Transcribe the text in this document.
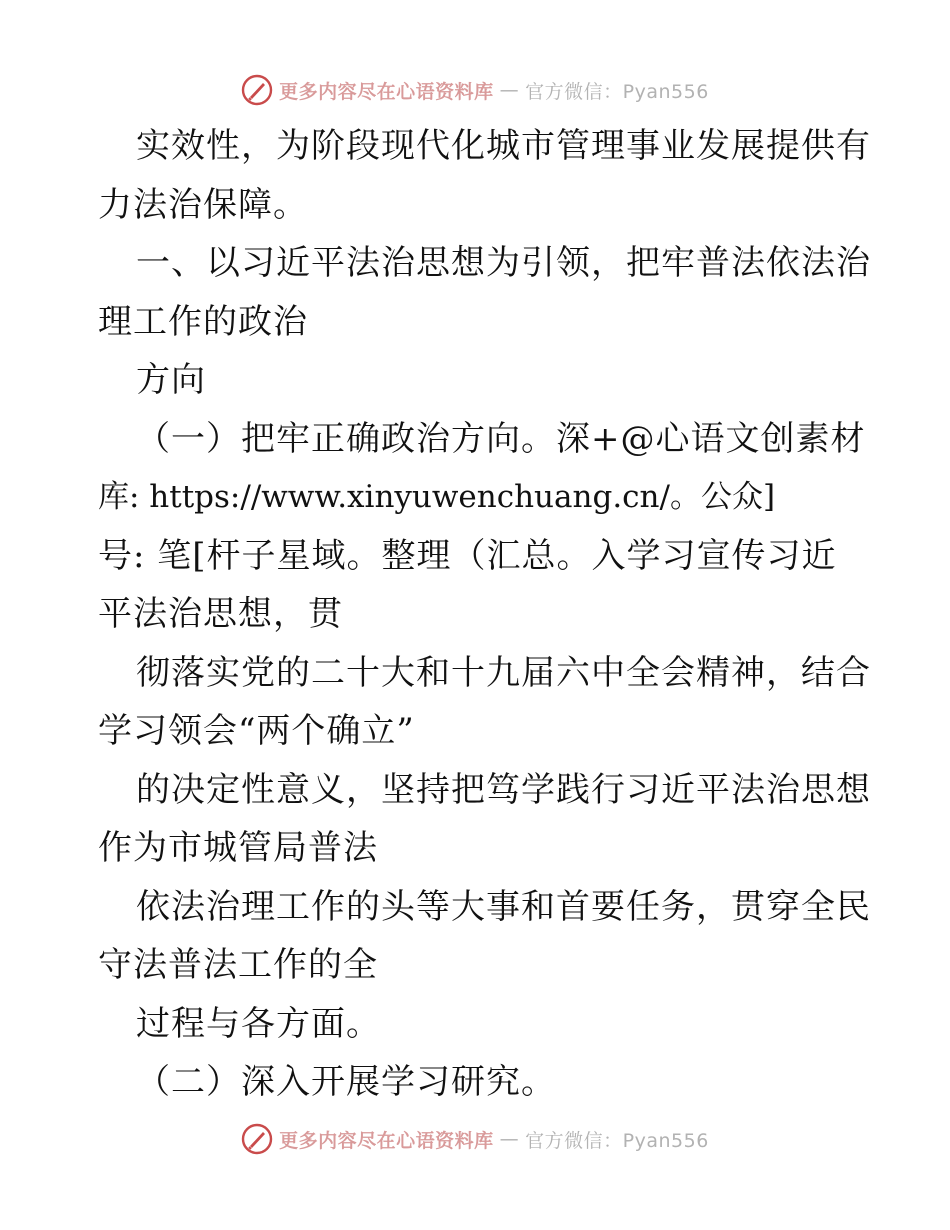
更多内容尽在心语资料库 — 官方微信：Pyan556
实效性，为阶段现代化城市管理事业发展提供有
力法治保障。
一、以习近平法治思想为引领，把牢普法依法治
理工作的政治
方向
（一）把牢正确政治方向。深+@心语文创素材
库: https://www.xinyuwenchuang.cn/。公众]
号: 笔[杆子星域。整理（汇总。入学习宣传习近
平法治思想，贯
彻落实党的二十大和十九届六中全会精神，结合
学习领会“两个确立”
的决定性意义，坚持把笃学践行习近平法治思想
作为市城管局普法
依法治理工作的头等大事和首要任务，贯穿全民
守法普法工作的全
过程与各方面。
（二）深入开展学习研究。
更多内容尽在心语资料库 — 官方微信：Pyan556
